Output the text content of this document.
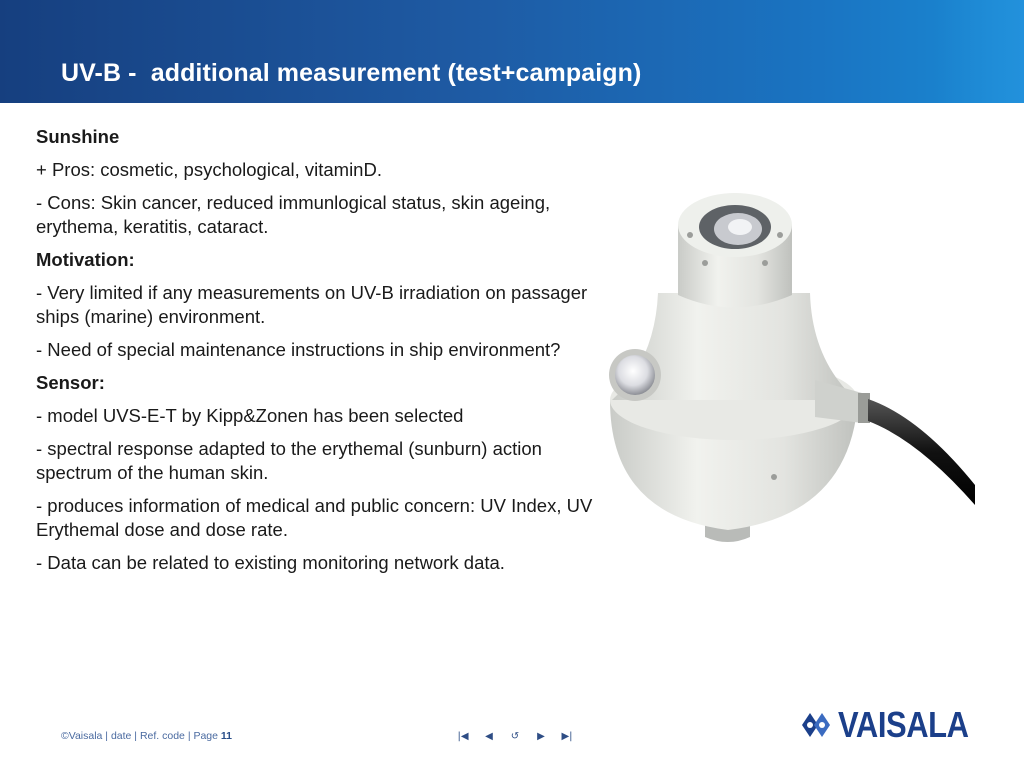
UV-B -  additional measurement (test+campaign)

Sunshine

+ Pros: cosmetic, psychological, vitaminD.

- Cons: Skin cancer, reduced immunlogical status, skin ageing, erythema, keratitis, cataract.

Motivation:

- Very limited if any measurements on UV-B irradiation on passager ships (marine) environment.

- Need of special maintenance instructions in ship environment?

Sensor:

- model UVS-E-T by Kipp&Zonen has been selected

- spectral response adapted to the erythemal (sunburn) action spectrum of the human skin.

- produces information of medical and public concern: UV Index, UV Erythemal dose and dose rate.

- Data can be related to existing monitoring network data.

©Vaisala | date | Ref. code | Page 11	|◀	◀	↺	▶	▶|	VAISALA
